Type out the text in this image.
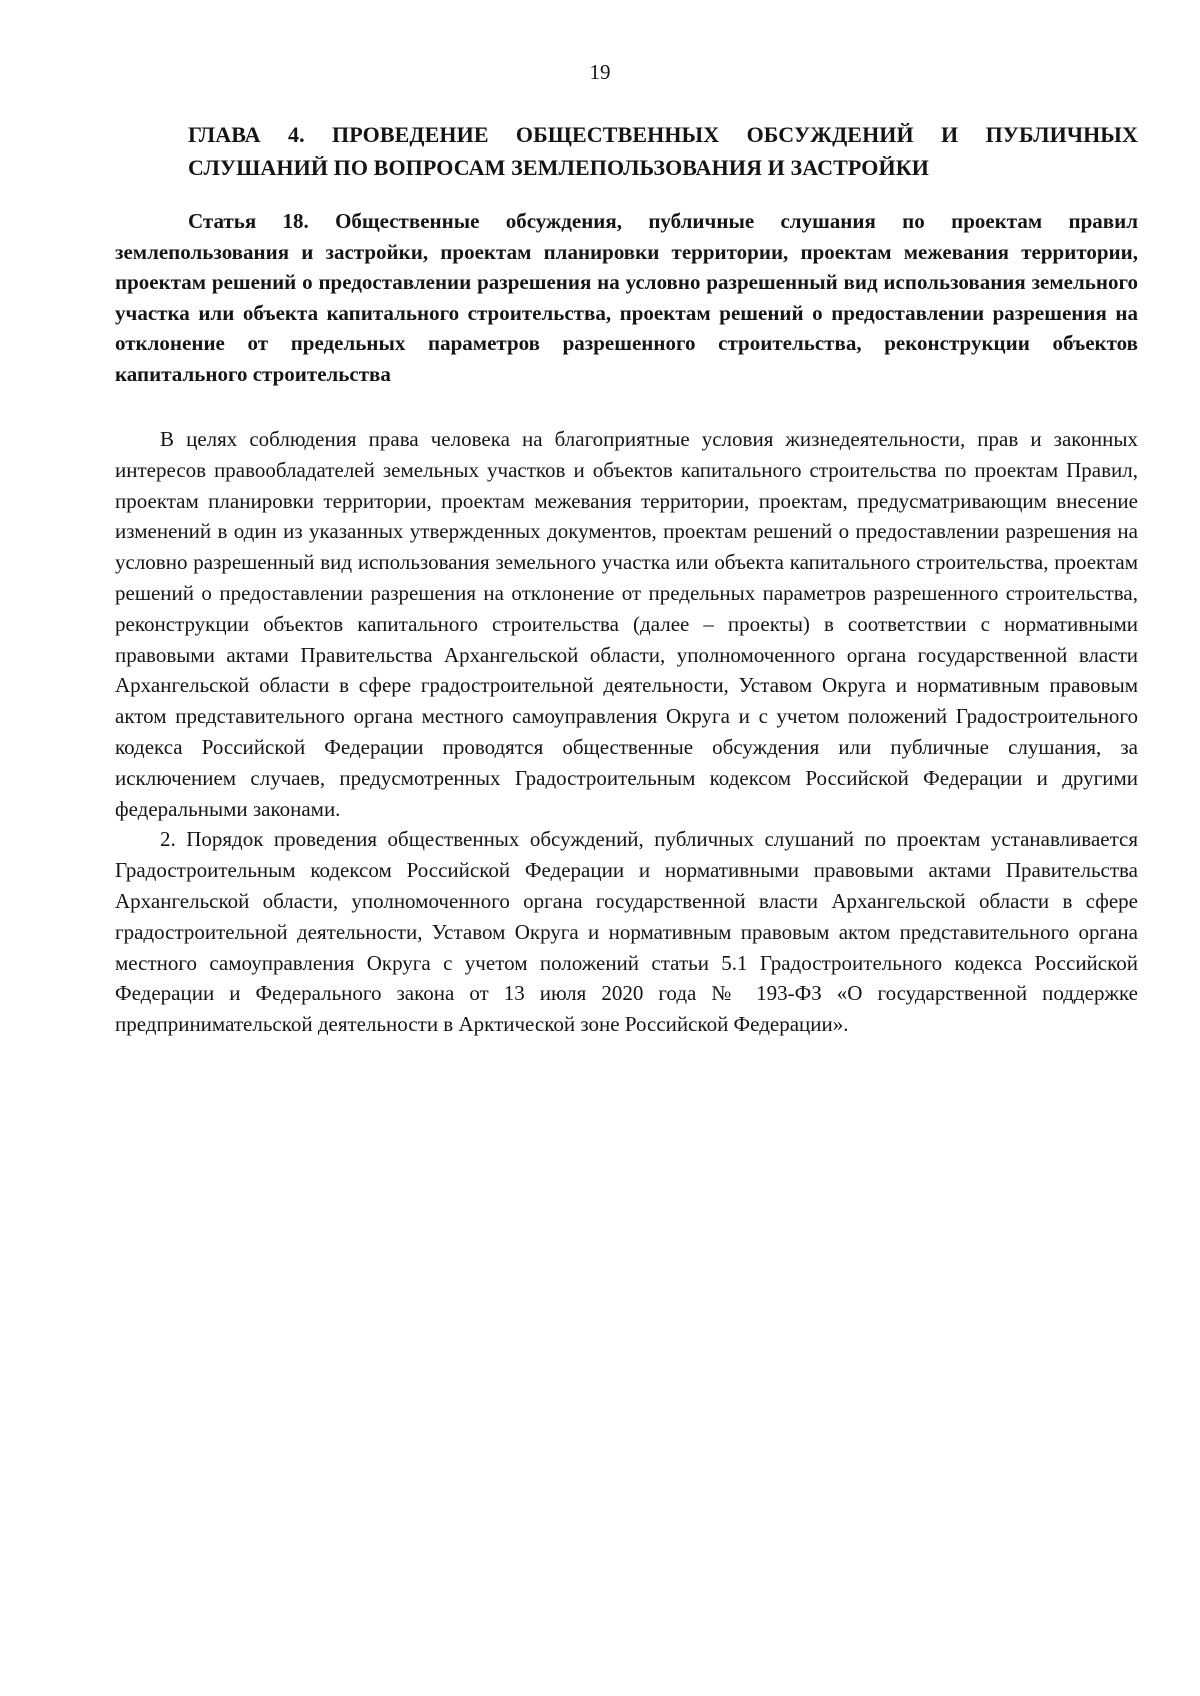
19
ГЛАВА 4. ПРОВЕДЕНИЕ ОБЩЕСТВЕННЫХ ОБСУЖДЕНИЙ И ПУБЛИЧНЫХ СЛУШАНИЙ ПО ВОПРОСАМ ЗЕМЛЕПОЛЬЗОВАНИЯ И ЗАСТРОЙКИ
Статья 18. Общественные обсуждения, публичные слушания по проектам правил землепользования и застройки, проектам планировки территории, проектам межевания территории, проектам решений о предоставлении разрешения на условно разрешенный вид использования земельного участка или объекта капитального строительства, проектам решений о предоставлении разрешения на отклонение от предельных параметров разрешенного строительства, реконструкции объектов капитального строительства

В целях соблюдения права человека на благоприятные условия жизнедеятельности, прав и законных интересов правообладателей земельных участков и объектов капитального строительства по проектам Правил, проектам планировки территории, проектам межевания территории, проектам, предусматривающим внесение изменений в один из указанных утвержденных документов, проектам решений о предоставлении разрешения на условно разрешенный вид использования земельного участка или объекта капитального строительства, проектам решений о предоставлении разрешения на отклонение от предельных параметров разрешенного строительства, реконструкции объектов капитального строительства (далее – проекты) в соответствии с нормативными правовыми актами Правительства Архангельской области, уполномоченного органа государственной власти Архангельской области в сфере градостроительной деятельности, Уставом Округа и нормативным правовым актом представительного органа местного самоуправления Округа и с учетом положений Градостроительного кодекса Российской Федерации проводятся общественные обсуждения или публичные слушания, за исключением случаев, предусмотренных Градостроительным кодексом Российской Федерации и другими федеральными законами.

2. Порядок проведения общественных обсуждений, публичных слушаний по проектам устанавливается Градостроительным кодексом Российской Федерации и нормативными правовыми актами Правительства Архангельской области, уполномоченного органа государственной власти Архангельской области в сфере градостроительной деятельности, Уставом Округа и нормативным правовым актом представительного органа местного самоуправления Округа с учетом положений статьи 5.1 Градостроительного кодекса Российской Федерации и Федерального закона от 13 июля 2020 года № 193-ФЗ «О государственной поддержке предпринимательской деятельности в Арктической зоне Российской Федерации».
